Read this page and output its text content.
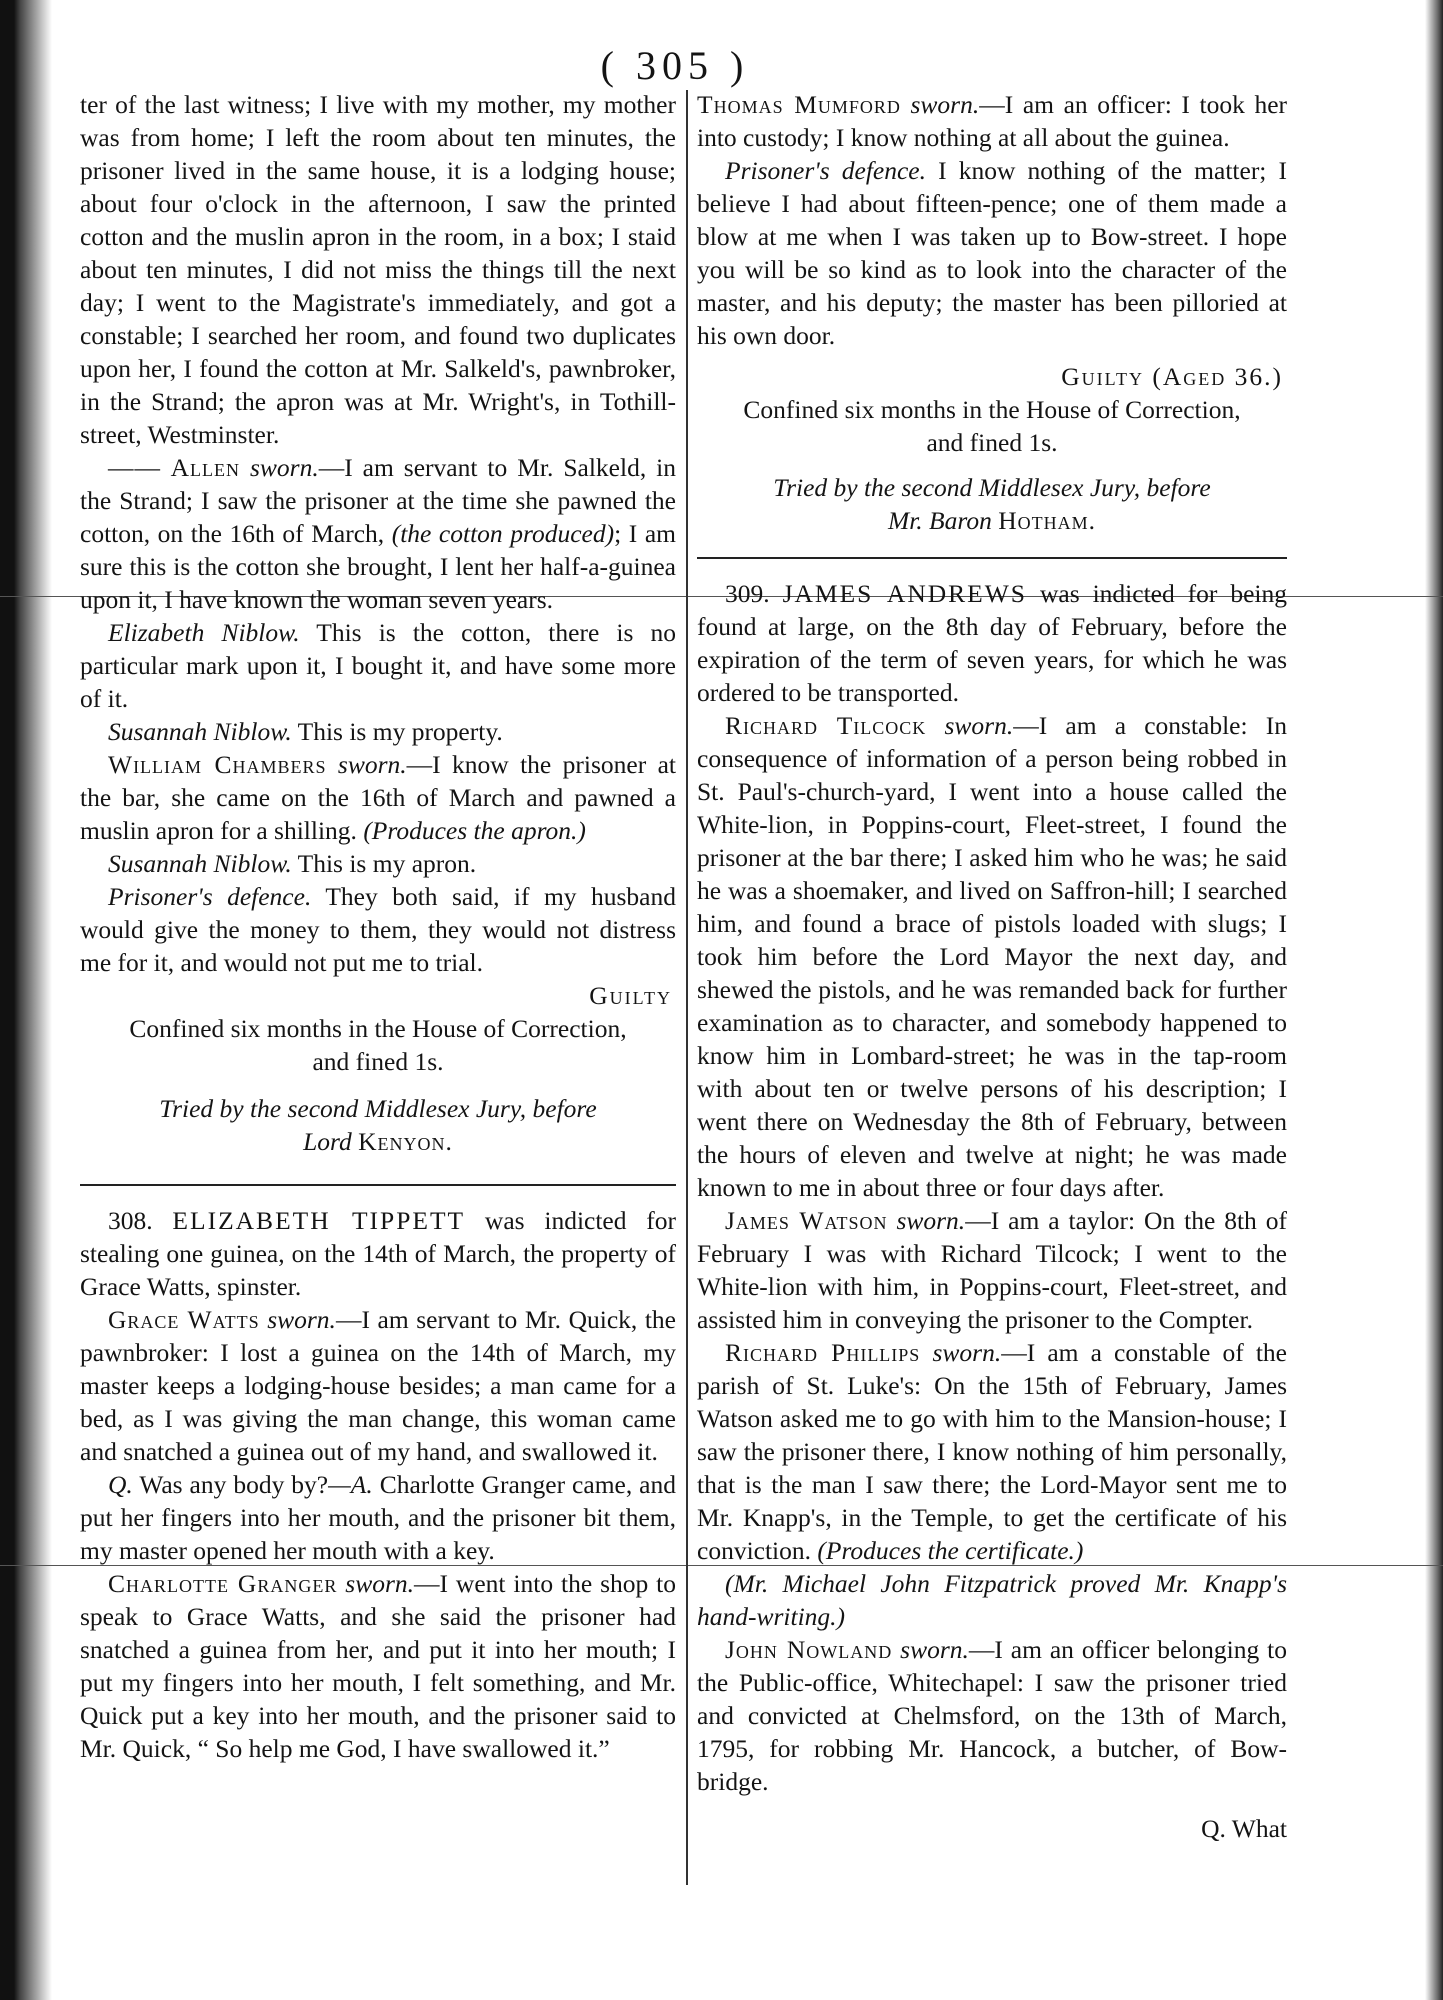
( 305 )

ter of the last witness; I live with my mother, my mother was from home; I left the room about ten minutes, the prisoner lived in the same house, it is a lodging house; about four o'clock in the afternoon, I saw the printed cotton and the muslin apron in the room, in a box; I staid about ten minutes, I did not miss the things till the next day; I went to the Magistrate's immediately, and got a constable; I searched her room, and found two duplicates upon her, I found the cotton at Mr. Salkeld's, pawnbroker, in the Strand; the apron was at Mr. Wright's, in Tothill-street, Westminster.

—— Allen sworn.—I am servant to Mr. Salkeld, in the Strand; I saw the prisoner at the time she pawned the cotton, on the 16th of March, (the cotton produced); I am sure this is the cotton she brought, I lent her half-a-guinea upon it, I have known the woman seven years.

Elizabeth Niblow. This is the cotton, there is no particular mark upon it, I bought it, and have some more of it.

Susannah Niblow. This is my property.

William Chambers sworn.—I know the prisoner at the bar, she came on the 16th of March and pawned a muslin apron for a shilling. (Produces the apron.)

Susannah Niblow. This is my apron.

Prisoner's defence. They both said, if my husband would give the money to them, they would not distress me for it, and would not put me to trial.

Guilty

Confined six months in the House of Correction,

and fined 1s.

Tried by the second Middlesex Jury, before

Lord Kenyon.

308. ELIZABETH TIPPETT was indicted for stealing one guinea, on the 14th of March, the property of Grace Watts, spinster.

Grace Watts sworn.—I am servant to Mr. Quick, the pawnbroker: I lost a guinea on the 14th of March, my master keeps a lodging-house besides; a man came for a bed, as I was giving the man change, this woman came and snatched a guinea out of my hand, and swallowed it.

Q. Was any body by?—A. Charlotte Granger came, and put her fingers into her mouth, and the prisoner bit them, my master opened her mouth with a key.

Charlotte Granger sworn.—I went into the shop to speak to Grace Watts, and she said the prisoner had snatched a guinea from her, and put it into her mouth; I put my fingers into her mouth, I felt something, and Mr. Quick put a key into her mouth, and the prisoner said to Mr. Quick, “ So help me God, I have swallowed it.”

Thomas Mumford sworn.—I am an officer: I took her into custody; I know nothing at all about the guinea.

Prisoner's defence. I know nothing of the matter; I believe I had about fifteen-pence; one of them made a blow at me when I was taken up to Bow-street. I hope you will be so kind as to look into the character of the master, and his deputy; the master has been pilloried at his own door.

Guilty (Aged 36.)

Confined six months in the House of Correction,

and fined 1s.

Tried by the second Middlesex Jury, before

Mr. Baron Hotham.

309. JAMES ANDREWS was indicted for being found at large, on the 8th day of February, before the expiration of the term of seven years, for which he was ordered to be transported.

Richard Tilcock sworn.—I am a constable: In consequence of information of a person being robbed in St. Paul's-church-yard, I went into a house called the White-lion, in Poppins-court, Fleet-street, I found the prisoner at the bar there; I asked him who he was; he said he was a shoemaker, and lived on Saffron-hill; I searched him, and found a brace of pistols loaded with slugs; I took him before the Lord Mayor the next day, and shewed the pistols, and he was remanded back for further examination as to character, and somebody happened to know him in Lombard-street; he was in the tap-room with about ten or twelve persons of his description; I went there on Wednesday the 8th of February, between the hours of eleven and twelve at night; he was made known to me in about three or four days after.

James Watson sworn.—I am a taylor: On the 8th of February I was with Richard Tilcock; I went to the White-lion with him, in Poppins-court, Fleet-street, and assisted him in conveying the prisoner to the Compter.

Richard Phillips sworn.—I am a constable of the parish of St. Luke's: On the 15th of February, James Watson asked me to go with him to the Mansion-house; I saw the prisoner there, I know nothing of him personally, that is the man I saw there; the Lord-Mayor sent me to Mr. Knapp's, in the Temple, to get the certificate of his conviction. (Produces the certificate.)

(Mr. Michael John Fitzpatrick proved Mr. Knapp's hand-writing.)

John Nowland sworn.—I am an officer belonging to the Public-office, Whitechapel: I saw the prisoner tried and convicted at Chelmsford, on the 13th of March, 1795, for robbing Mr. Hancock, a butcher, of Bow-bridge.

Q. What
